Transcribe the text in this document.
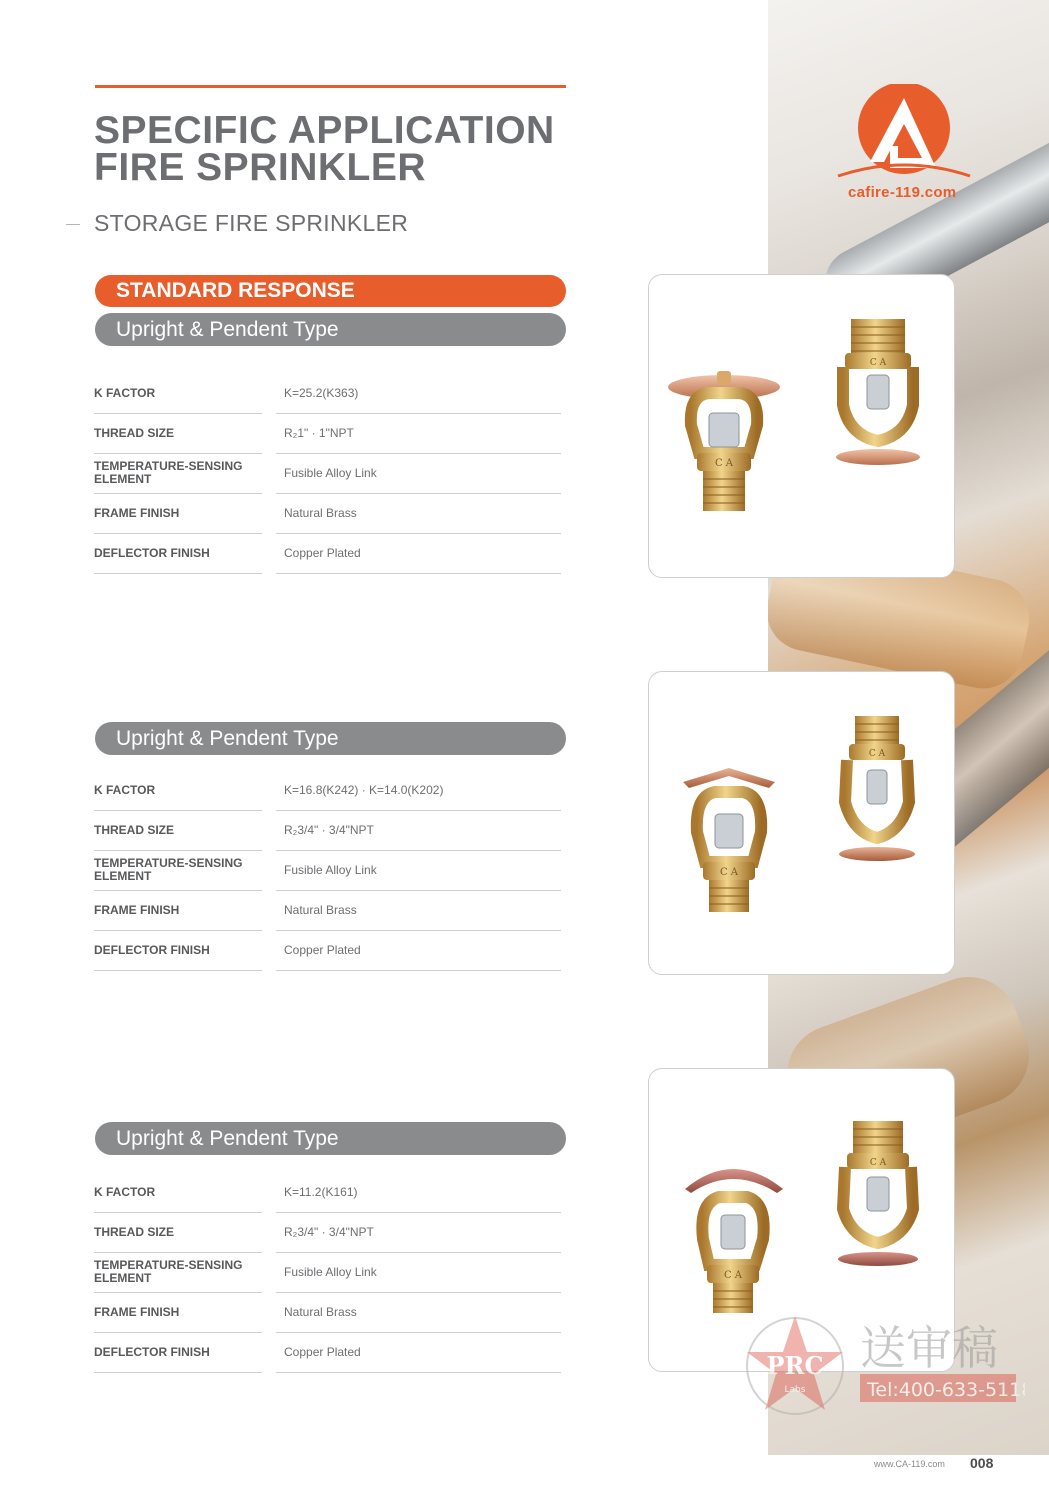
cafire-119.com
SPECIFIC APPLICATION
FIRE SPRINKLER
STORAGE FIRE SPRINKLER
STANDARD RESPONSE
Upright & Pendent Type
K FACTOR	K=25.2(K363)
THREAD SIZE	R₂1" · 1"NPT
TEMPERATURE-SENSING ELEMENT	Fusible Alloy Link
FRAME FINISH	Natural Brass
DEFLECTOR FINISH	Copper Plated
Upright & Pendent Type
K FACTOR	K=16.8(K242) · K=14.0(K202)
THREAD SIZE	R₂3/4" · 3/4"NPT
TEMPERATURE-SENSING ELEMENT	Fusible Alloy Link
FRAME FINISH	Natural Brass
DEFLECTOR FINISH	Copper Plated
Upright & Pendent Type
K FACTOR	K=11.2(K161)
THREAD SIZE	R₂3/4" · 3/4"NPT
TEMPERATURE-SENSING ELEMENT	Fusible Alloy Link
FRAME FINISH	Natural Brass
DEFLECTOR FINISH	Copper Plated
C A
C A
C A
C A
C A
C A
PRC
Labs
送审稿
Tel:400-633-5118
www.CA-119.com 008
